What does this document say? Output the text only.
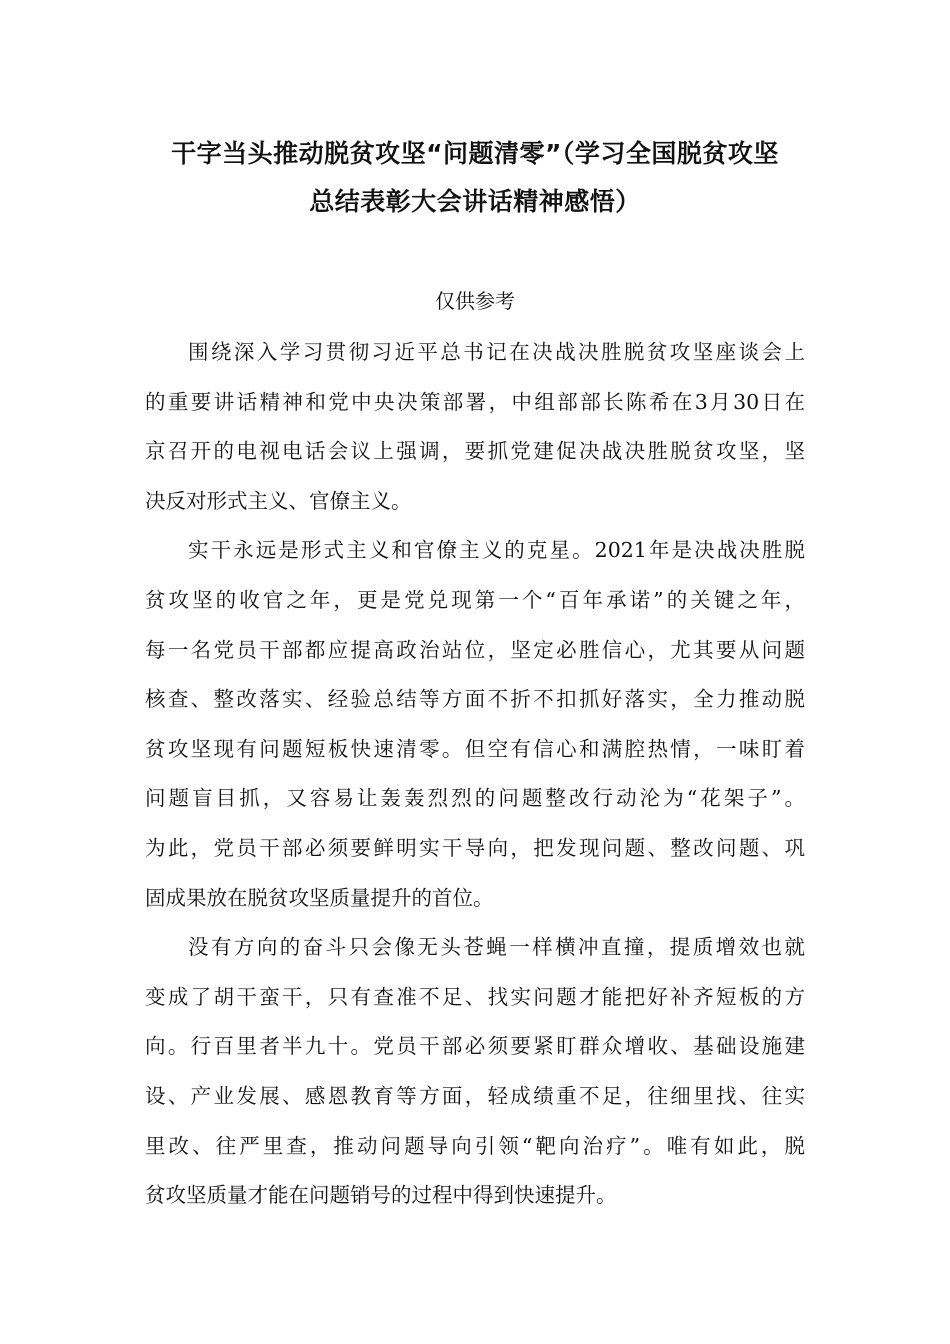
干字当头推动脱贫攻坚“问题清零”（学习全国脱贫攻坚
总结表彰大会讲话精神感悟）
仅供参考
围绕深入学习贯彻习近平总书记在决战决胜脱贫攻坚座谈会上
的重要讲话精神和党中央决策部署，中组部部长陈希在3月30日在
京召开的电视电话会议上强调，要抓党建促决战决胜脱贫攻坚，坚
决反对形式主义、官僚主义。
实干永远是形式主义和官僚主义的克星。2021年是决战决胜脱
贫攻坚的收官之年，更是党兑现第一个“百年承诺”的关键之年，
每一名党员干部都应提高政治站位，坚定必胜信心，尤其要从问题
核查、整改落实、经验总结等方面不折不扣抓好落实，全力推动脱
贫攻坚现有问题短板快速清零。但空有信心和满腔热情，一味盯着
问题盲目抓，又容易让轰轰烈烈的问题整改行动沦为“花架子”。
为此，党员干部必须要鲜明实干导向，把发现问题、整改问题、巩
固成果放在脱贫攻坚质量提升的首位。
没有方向的奋斗只会像无头苍蝇一样横冲直撞，提质增效也就
变成了胡干蛮干，只有查准不足、找实问题才能把好补齐短板的方
向。行百里者半九十。党员干部必须要紧盯群众增收、基础设施建
设、产业发展、感恩教育等方面，轻成绩重不足，往细里找、往实
里改、往严里查，推动问题导向引领“靶向治疗”。唯有如此，脱
贫攻坚质量才能在问题销号的过程中得到快速提升。
